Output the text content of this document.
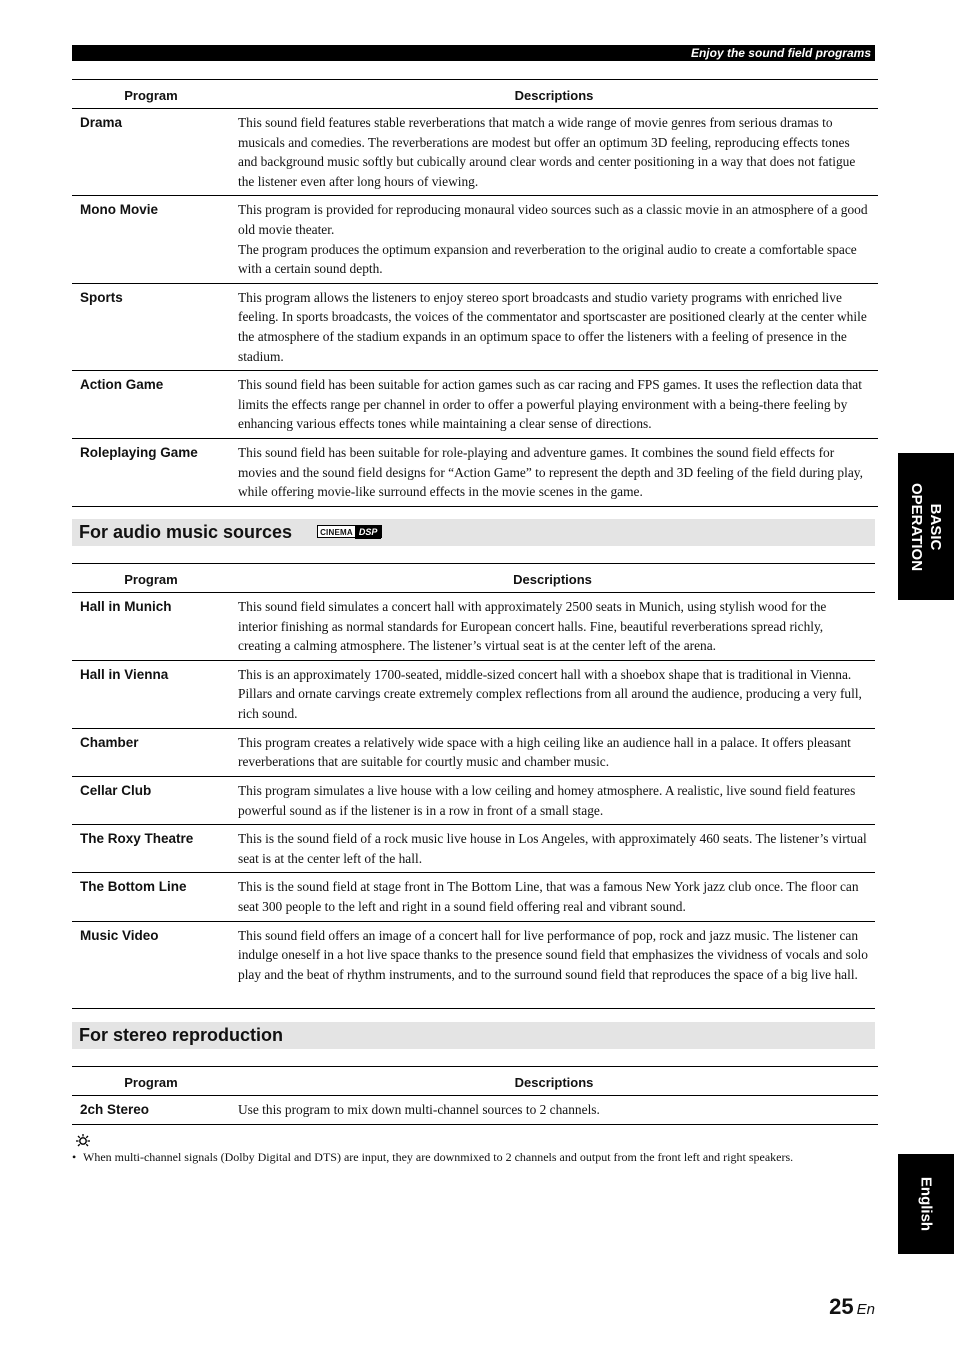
Enjoy the sound field programs
Program	Descriptions
Drama	This sound field features stable reverberations that match a wide range of movie genres from serious dramas to musicals and comedies. The reverberations are modest but offer an optimum 3D feeling, reproducing effects tones and background music softly but cubically around clear words and center positioning in a way that does not fatigue the listener even after long hours of viewing.
Mono Movie	This program is provided for reproducing monaural video sources such as a classic movie in an atmosphere of a good old movie theater.
The program produces the optimum expansion and reverberation to the original audio to create a comfortable space with a certain sound depth.

Sports	This program allows the listeners to enjoy stereo sport broadcasts and studio variety programs with enriched live feeling. In sports broadcasts, the voices of the commentator and sportscaster are positioned clearly at the center while the atmosphere of the stadium expands in an optimum space to offer the listeners with a feeling of presence in the stadium.
Action Game	This sound field has been suitable for action games such as car racing and FPS games. It uses the reflection data that limits the effects range per channel in order to offer a powerful playing environment with a being-there feeling by enhancing various effects tones while maintaining a clear sense of directions.
Roleplaying Game	This sound field has been suitable for role-playing and adventure games. It combines the sound field effects for movies and the sound field designs for “Action Game” to represent the depth and 3D feeling of the field during play, while offering movie-like surround effects in the movie scenes in the game.
For audio music sources	CINEMA DSP
Program	Descriptions
Hall in Munich	This sound field simulates a concert hall with approximately 2500 seats in Munich, using stylish wood for the interior finishing as normal standards for European concert halls. Fine, beautiful reverberations spread richly, creating a calming atmosphere. The listener’s virtual seat is at the center left of the arena.
Hall in Vienna	This is an approximately 1700-seated, middle-sized concert hall with a shoebox shape that is traditional in Vienna. Pillars and ornate carvings create extremely complex reflections from all around the audience, producing a very full, rich sound.
Chamber	This program creates a relatively wide space with a high ceiling like an audience hall in a palace. It offers pleasant reverberations that are suitable for courtly music and chamber music.
Cellar Club	This program simulates a live house with a low ceiling and homey atmosphere. A realistic, live sound field features powerful sound as if the listener is in a row in front of a small stage.
The Roxy Theatre	This is the sound field of a rock music live house in Los Angeles, with approximately 460 seats. The listener’s virtual seat is at the center left of the hall.
The Bottom Line	This is the sound field at stage front in The Bottom Line, that was a famous New York jazz club once. The floor can seat 300 people to the left and right in a sound field offering real and vibrant sound.
Music Video	This sound field offers an image of a concert hall for live performance of pop, rock and jazz music. The listener can indulge oneself in a hot live space thanks to the presence sound field that emphasizes the vividness of vocals and solo play and the beat of rhythm instruments, and to the surround sound field that reproduces the space of a big live hall.
For stereo reproduction
Program	Descriptions
2ch Stereo	Use this program to mix down multi-channel sources to 2 channels.
• When multi-channel signals (Dolby Digital and DTS) are input, they are downmixed to 2 channels and output from the front left and right speakers.
BASIC
OPERATION
English
25 En
